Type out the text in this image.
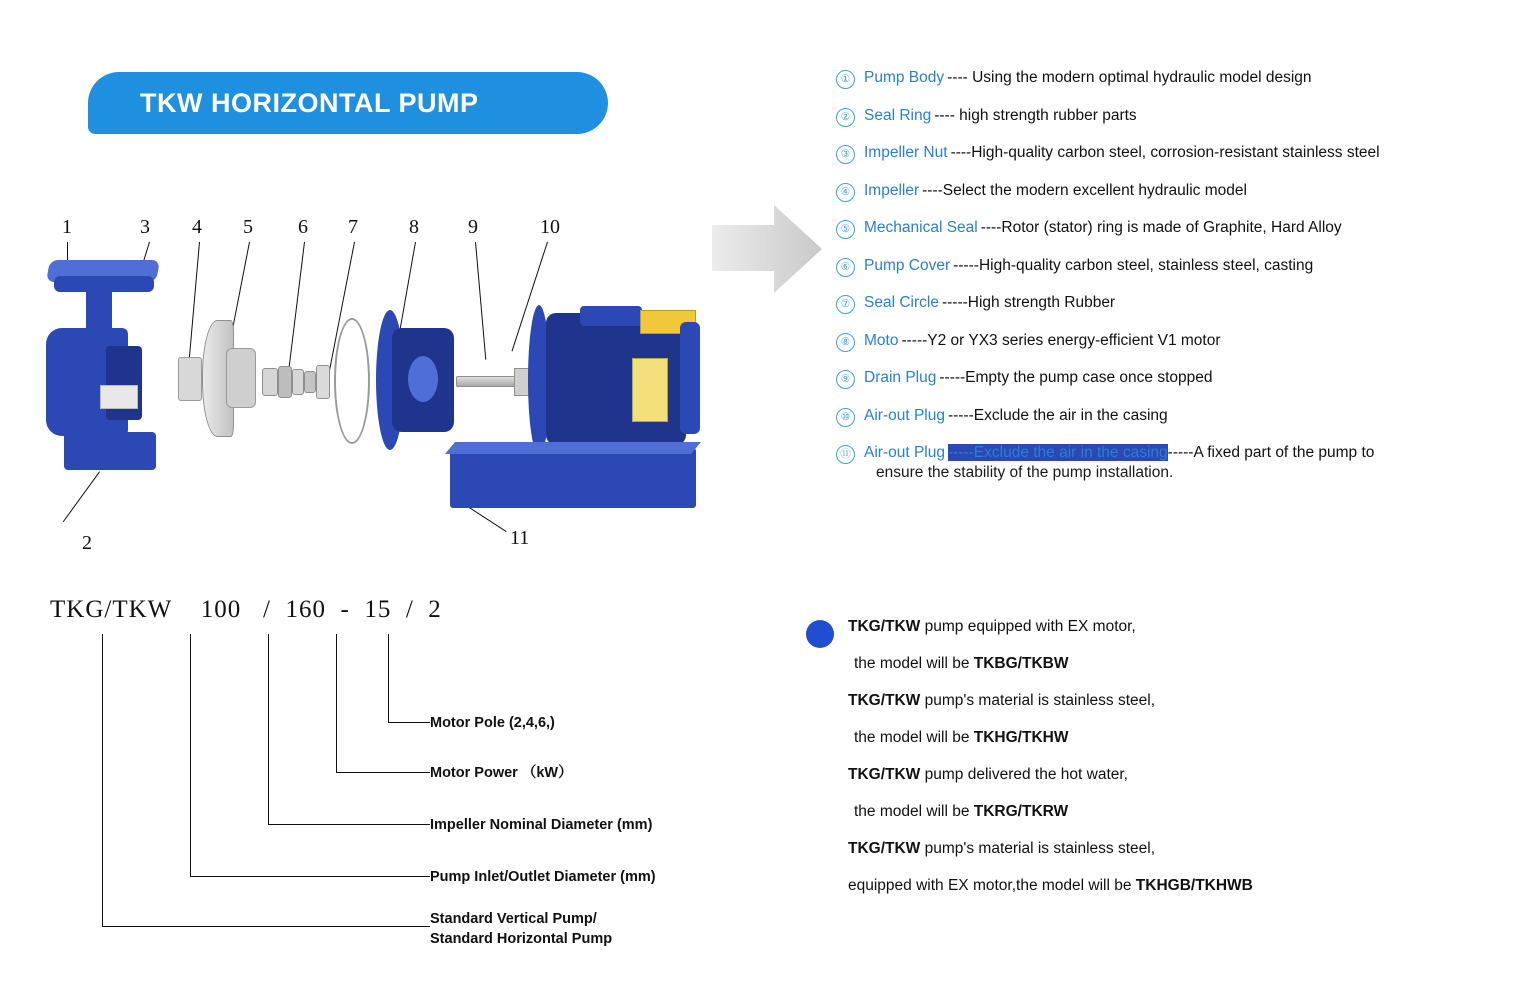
TKW HORIZONTAL PUMP
1	3 4 5 6 7	8 9	10
2	11
① Pump Body ---- Using the modern optimal hydraulic model design
② Seal Ring ---- high strength rubber parts
③ Impeller Nut ----High-quality carbon steel, corrosion-resistant stainless steel
④ Impeller ----Select the modern excellent hydraulic model
⑤ Mechanical Seal ----Rotor (stator) ring is made of Graphite, Hard Alloy
⑥ Pump Cover -----High-quality carbon steel, stainless steel, casting
⑦ Seal Circle -----High strength Rubber
⑧ Moto -----Y2 or YX3 series energy-efficient V1 motor
⑨ Drain Plug -----Empty the pump case once stopped
⑩ Air-out Plug -----Exclude the air in the casing
⑪ Air-out Plug -----Exclude the air in the casing-----A fixed part of the pump to
ensure the stability of the pump installation.
TKG/TKW    100   /  160  -  15  /  2
Motor Pole (2,4,6,)
Motor Power （kW）
Impeller Nominal Diameter (mm)
Pump Inlet/Outlet Diameter (mm)
Standard Vertical Pump/
Standard Horizontal Pump
TKG/TKW pump equipped with EX motor,
the model will be TKBG/TKBW
TKG/TKW pump's material is stainless steel,
the model will be TKHG/TKHW
TKG/TKW pump delivered the hot water,
the model will be TKRG/TKRW
TKG/TKW pump's material is stainless steel,
equipped with EX motor,the model will be TKHGB/TKHWB
